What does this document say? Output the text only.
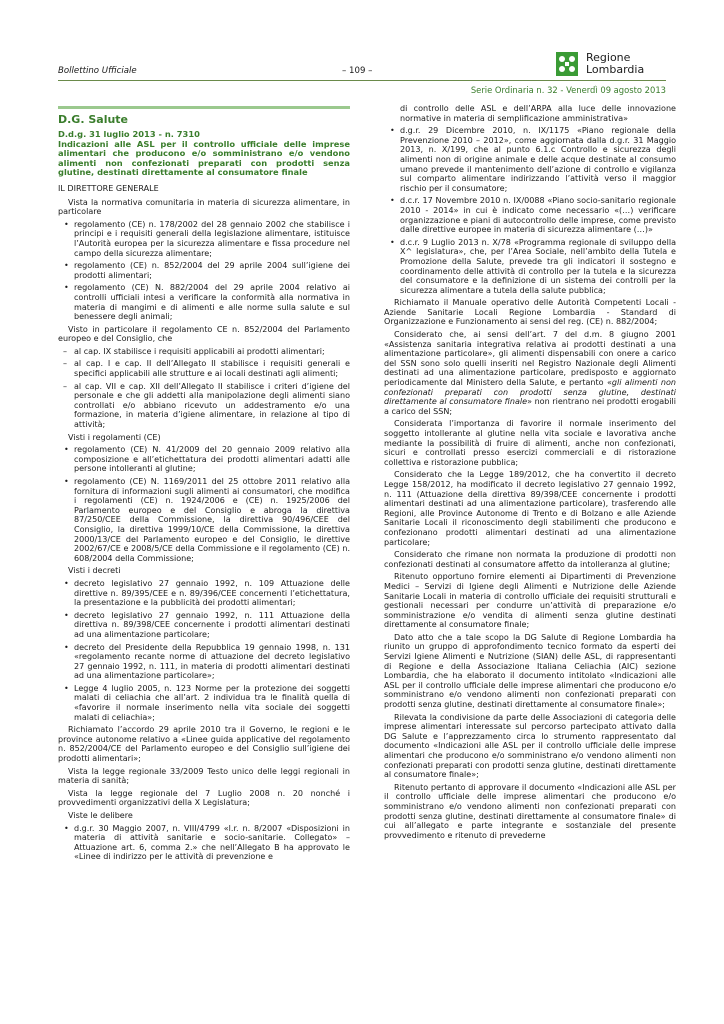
Bollettino Ufficiale	– 109 –
Regione
Lombardia
Serie Ordinaria n. 32 - Venerdì 09 agosto 2013
D.G. Salute
D.d.g. 31 luglio 2013 - n. 7310
Indicazioni alle ASL per il controllo ufficiale delle imprese alimentari che producono e/o somministrano e/o vendono alimenti non confezionati preparati con prodotti senza glutine, destinati direttamente al consumatore finale

IL DIRETTORE GENERALE

Vista la normativa comunitaria in materia di sicurezza alimentare, in particolare

• regolamento (CE) n. 178/2002 del 28 gennaio 2002 che stabilisce i principi e i requisiti generali della legislazione alimentare, istituisce l’Autorità europea per la sicurezza alimentare e fissa procedure nel campo della sicurezza alimentare;
• regolamento (CE) n. 852/2004 del 29 aprile 2004 sull’igiene dei prodotti alimentari;
• regolamento (CE) N. 882/2004 del 29 aprile 2004 relativo ai controlli ufficiali intesi a verificare la conformità alla normativa in materia di mangimi e di alimenti e alle norme sulla salute e sul benessere degli animali;

Visto in particolare il regolamento CE n. 852/2004 del Parlamento europeo e del Consiglio, che

– al cap. IX stabilisce i requisiti applicabili ai prodotti alimentari;
– al cap. I e cap. II dell’Allegato II stabilisce i requisiti generali e specifici applicabili alle strutture e ai locali destinati agli alimenti;
– al cap. VII e cap. XII dell’Allegato II stabilisce i criteri d’igiene del personale e che gli addetti alla manipolazione degli alimenti siano controllati e/o abbiano ricevuto un addestramento e/o una formazione, in materia d’igiene alimentare, in relazione al tipo di attività;

Visti i regolamenti (CE)

• regolamento (CE) N. 41/2009 del 20 gennaio 2009 relativo alla composizione e all’etichettatura dei prodotti alimentari adatti alle persone intolleranti al glutine;
• regolamento (CE) N. 1169/2011 del 25 ottobre 2011 relativo alla fornitura di informazioni sugli alimenti ai consumatori, che modifica i regolamenti (CE) n. 1924/2006 e (CE) n. 1925/2006 del Parlamento europeo e del Consiglio e abroga la direttiva 87/250/CEE della Commissione, la direttiva 90/496/CEE del Consiglio, la direttiva 1999/10/CE della Commissione, la direttiva 2000/13/CE del Parlamento europeo e del Consiglio, le direttive 2002/67/CE e 2008/5/CE della Commissione e il regolamento (CE) n. 608/2004 della Commissione;

Visti i decreti

• decreto legislativo 27 gennaio 1992, n. 109 Attuazione delle direttive n. 89/395/CEE e n. 89/396/CEE concernenti l’etichettatura, la presentazione e la pubblicità dei prodotti alimentari;
• decreto legislativo 27 gennaio 1992, n. 111 Attuazione della direttiva n. 89/398/CEE concernente i prodotti alimentari destinati ad una alimentazione particolare;
• decreto del Presidente della Repubblica 19 gennaio 1998, n. 131 «regolamento recante norme di attuazione del decreto legislativo 27 gennaio 1992, n. 111, in materia di prodotti alimentari destinati ad una alimentazione particolare»;
• Legge 4 luglio 2005, n. 123 Norme per la protezione dei soggetti malati di celiachia che all’art. 2 individua tra le finalità quella di «favorire il normale inserimento nella vita sociale dei soggetti malati di celiachia»;

Richiamato l’accordo 29 aprile 2010 tra il Governo, le regioni e le province autonome relativo a «Linee guida applicative del regolamento n. 852/2004/CE del Parlamento europeo e del Consiglio sull’igiene dei prodotti alimentari»;

Vista la legge regionale 33/2009 Testo unico delle leggi regionali in materia di sanità;

Vista la legge regionale del 7 Luglio 2008 n. 20 nonché i provvedimenti organizzativi della X Legislatura;

Viste le delibere

• d.g.r. 30 Maggio 2007, n. VIII/4799 «l.r. n. 8/2007 «Disposizioni in materia di attività sanitarie e socio-sanitarie. Collegato» – Attuazione art. 6, comma 2.» che nell’Allegato B ha approvato le «Linee di indirizzo per le attività di prevenzione e

di controllo delle ASL e dell’ARPA alla luce delle innovazione normative in materia di semplificazione amministrativa»

• d.g.r. 29 Dicembre 2010, n. IX/1175 «Piano regionale della Prevenzione 2010 – 2012», come aggiornata dalla d.g.r. 31 Maggio 2013, n. X/199, che al punto 6.1.c Controllo e sicurezza degli alimenti non di origine animale e delle acque destinate al consumo umano prevede il mantenimento dell’azione di controllo e vigilanza sul comparto alimentare indirizzando l’attività verso il maggior rischio per il consumatore;
• d.c.r. 17 Novembre 2010 n. IX/0088 «Piano socio-sanitario regionale 2010 - 2014» in cui è indicato come necessario «(…) verificare organizzazione e piani di autocontrollo delle imprese, come previsto dalle direttive europee in materia di sicurezza alimentare (…)»
• d.c.r. 9 Luglio 2013 n. X/78 «Programma regionale di sviluppo della X^ legislatura», che, per l’Area Sociale, nell’ambito della Tutela e Promozione della Salute, prevede tra gli indicatori il sostegno e coordinamento delle attività di controllo per la tutela e la sicurezza del consumatore e la definizione di un sistema dei controlli per la sicurezza alimentare a tutela della salute pubblica;

Richiamato il Manuale operativo delle Autorità Competenti Locali - Aziende Sanitarie Locali Regione Lombardia - Standard di Organizzazione e Funzionamento ai sensi del reg. (CE) n. 882/2004;

Considerato che, ai sensi dell’art. 7 del d.m. 8 giugno 2001 «Assistenza sanitaria integrativa relativa ai prodotti destinati a una alimentazione particolare», gli alimenti dispensabili con onere a carico del SSN sono solo quelli inseriti nel Registro Nazionale degli Alimenti destinati ad una alimentazione particolare, predisposto e aggiornato periodicamente dal Ministero della Salute, e pertanto «gli alimenti non confezionati preparati con prodotti senza glutine, destinati direttamente al consumatore finale» non rientrano nei prodotti erogabili a carico del SSN;

Considerata l’importanza di favorire il normale inserimento del soggetto intollerante al glutine nella vita sociale e lavorativa anche mediante la possibilità di fruire di alimenti, anche non confezionati, sicuri e controllati presso esercizi commerciali e di ristorazione collettiva e ristorazione pubblica;

Considerato che la Legge 189/2012, che ha convertito il decreto Legge 158/2012, ha modificato il decreto legislativo 27 gennaio 1992, n. 111 (Attuazione della direttiva 89/398/CEE concernente i prodotti alimentari destinati ad una alimentazione particolare), trasferendo alle Regioni, alle Province Autonome di Trento e di Bolzano e alle Aziende Sanitarie Locali il riconoscimento degli stabilimenti che producono e confezionano prodotti alimentari destinati ad una alimentazione particolare;

Considerato che rimane non normata la produzione di prodotti non confezionati destinati al consumatore affetto da intolleranza al glutine;

Ritenuto opportuno fornire elementi ai Dipartimenti di Prevenzione Medici – Servizi di Igiene degli Alimenti e Nutrizione delle Aziende Sanitarie Locali in materia di controllo ufficiale dei requisiti strutturali e gestionali necessari per condurre un’attività di preparazione e/o somministrazione e/o vendita di alimenti senza glutine destinati direttamente al consumatore finale;

Dato atto che a tale scopo la DG Salute di Regione Lombardia ha riunito un gruppo di approfondimento tecnico formato da esperti dei Servizi Igiene Alimenti e Nutrizione (SIAN) delle ASL, di rappresentanti di Regione e della Associazione Italiana Celiachia (AIC) sezione Lombardia, che ha elaborato il documento intitolato «Indicazioni alle ASL per il controllo ufficiale delle imprese alimentari che producono e/o somministrano e/o vendono alimenti non confezionati preparati con prodotti senza glutine, destinati direttamente al consumatore finale»;

Rilevata la condivisione da parte delle Associazioni di categoria delle imprese alimentari interessate sul percorso partecipato attivato dalla DG Salute e l’apprezzamento circa lo strumento rappresentato dal documento «Indicazioni alle ASL per il controllo ufficiale delle imprese alimentari che producono e/o somministrano e/o vendono alimenti non confezionati preparati con prodotti senza glutine, destinati direttamente al consumatore finale»;

Ritenuto pertanto di approvare il documento «Indicazioni alle ASL per il controllo ufficiale delle imprese alimentari che producono e/o somministrano e/o vendono alimenti non confezionati preparati con prodotti senza glutine, destinati direttamente al consumatore finale» di cui all’allegato e parte integrante e sostanziale del presente provvedimento e ritenuto di prevederne
